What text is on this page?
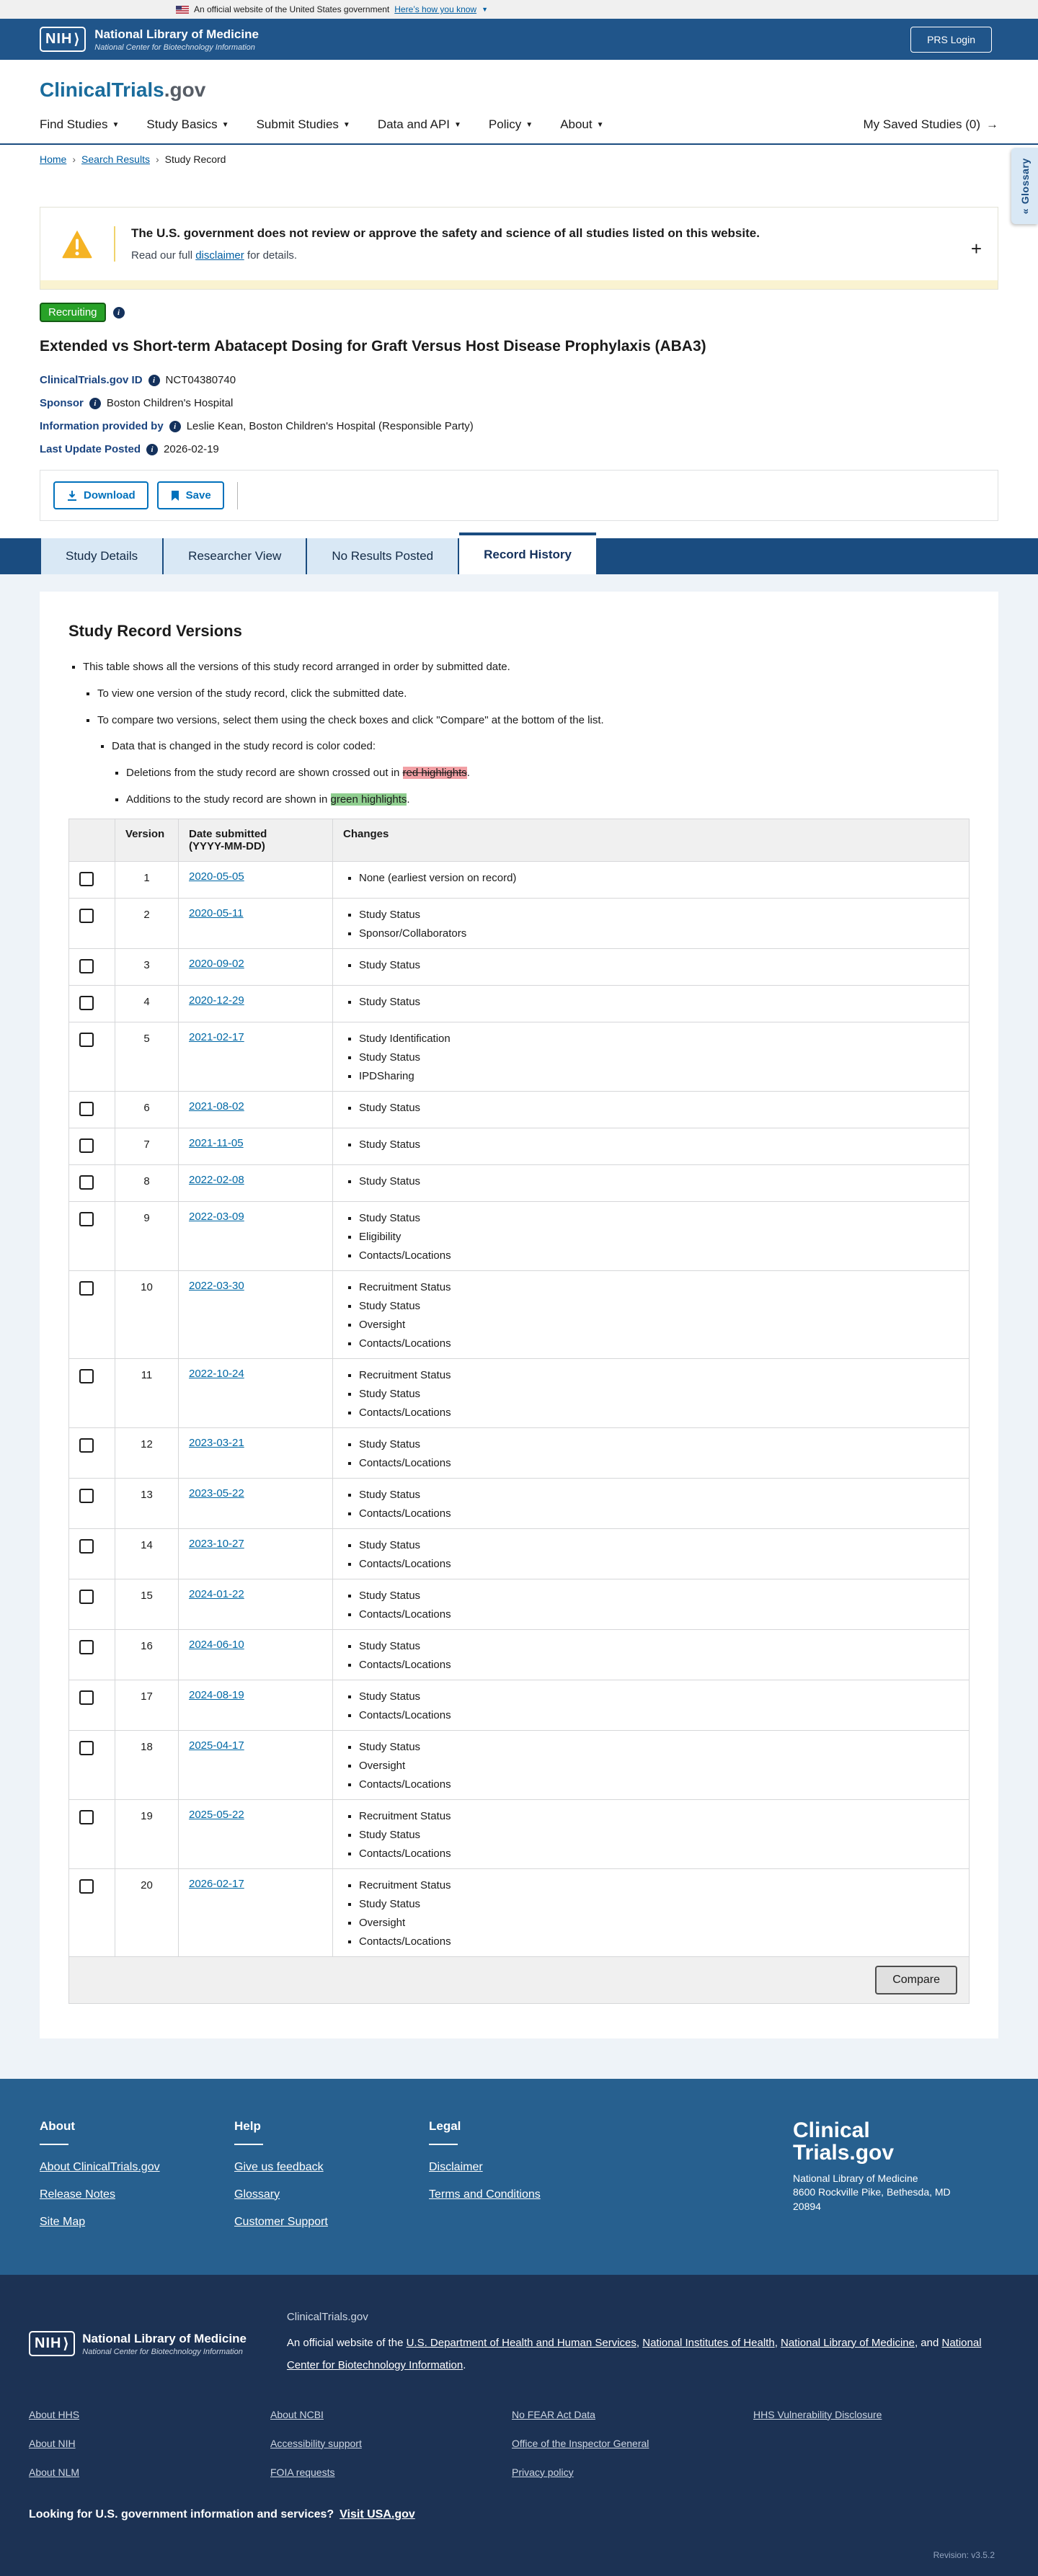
An official website of the United States government Here’s how you know ▼
NIH ⟩ National Library of Medicine
National Center for Biotechnology Information
PRS Login
ClinicalTrials.gov
Find Studies ▼ Study Basics ▼ Submit Studies ▼ Data and API ▼ Policy ▼ About ▼	My Saved Studies (0) →
Home › Search Results › Study Record
«
Glossary
The U.S. government does not review or approve the safety and science of all studies listed on this website.
Read our full disclaimer for details.	+
Recruiting	i
Extended vs Short-term Abatacept Dosing for Graft Versus Host Disease Prophylaxis (ABA3)
ClinicalTrials.gov ID	i NCT04380740
Sponsor	i Boston Children's Hospital
Information provided by	i Leslie Kean, Boston Children's Hospital (Responsible Party)
Last Update Posted	i 2026-02-19
Download	Save
Study Details	Researcher View	No Results Posted	Record History
Study Record Versions
▪ This table shows all the versions of this study record arranged in order by submitted date.
▪ To view one version of the study record, click the submitted date.
▪ To compare two versions, select them using the check boxes and click "Compare" at the bottom of the list.
▪ Data that is changed in the study record is color coded:
▪ Deletions from the study record are shown crossed out in red highlights.
▪ Additions to the study record are shown in green highlights.
	Version	Date submitted
(YYYY-MM-DD)	Changes
	1	2020-05-05	
▪None (earliest version on record)

	2	2020-05-11	
▪Study Status
▪ Sponsor/Collaborators

	3	2020-09-02	
▪Study Status

	4	2020-12-29	
▪Study Status

	5	2021-02-17	
▪Study Identification
▪ Study Status
▪ IPDSharing

	6	2021-08-02	
▪Study Status

	7	2021-11-05	
▪Study Status

	8	2022-02-08	
▪Study Status

	9	2022-03-09	
▪Study Status
▪ Eligibility
▪ Contacts/Locations

	10	2022-03-30	
▪Recruitment Status
▪ Study Status
▪ Oversight
▪ Contacts/Locations

	11	2022-10-24	
▪Recruitment Status
▪ Study Status
▪ Contacts/Locations

	12	2023-03-21	
▪Study Status
▪ Contacts/Locations

	13	2023-05-22	
▪Study Status
▪ Contacts/Locations

	14	2023-10-27	
▪Study Status
▪ Contacts/Locations

	15	2024-01-22	
▪Study Status
▪ Contacts/Locations

	16	2024-06-10	
▪Study Status
▪ Contacts/Locations

	17	2024-08-19	
▪Study Status
▪ Contacts/Locations

	18	2025-04-17	
▪Study Status
▪ Oversight
▪ Contacts/Locations

	19	2025-05-22	
▪Recruitment Status
▪ Study Status
▪ Contacts/Locations

	20	2026-02-17	
▪Recruitment Status
▪ Study Status
▪ Oversight
▪ Contacts/Locations
Compare
About
About ClinicalTrials.gov
Release Notes
Site Map
Help
Give us feedback
Glossary
Customer Support
Legal
Disclaimer
Terms and Conditions
Clinical
Trials.gov
National Library of Medicine
8600 Rockville Pike, Bethesda, MD
20894
NIH ⟩ National Library of Medicine
National Center for Biotechnology Information
ClinicalTrials.gov
An official website of the U.S. Department of Health and Human Services, National Institutes of Health, National Library of Medicine, and National Center for Biotechnology Information.
About HHS
About NIH
About NLM
About NCBI
Accessibility support
FOIA requests
No FEAR Act Data
Office of the Inspector General
Privacy policy
HHS Vulnerability Disclosure
Looking for U.S. government information and services? Visit USA.gov
Revision: v3.5.2
